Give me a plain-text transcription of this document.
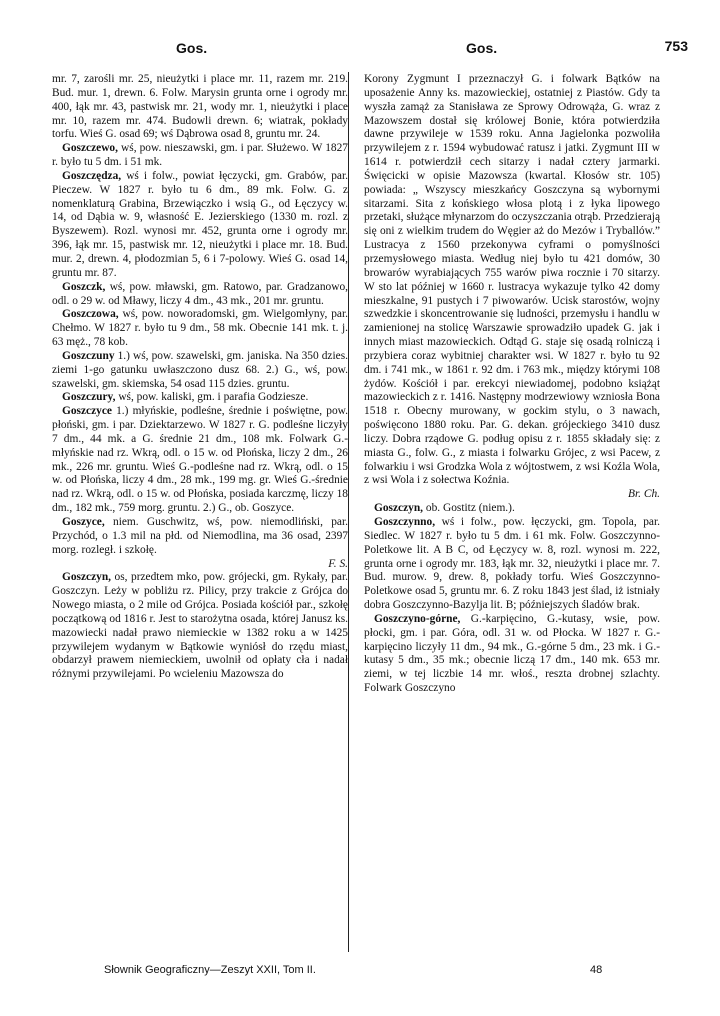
Gos.	Gos.	753

mr. 7, zarośli mr. 25, nieużytki i place mr. 11, razem mr. 219. Bud. mur. 1, drewn. 6. Folw. Marysin grunta orne i ogrody mr. 400, łąk mr. 43, pastwisk mr. 21, wody mr. 1, nieużytki i place mr. 10, razem mr. 474. Budowli drewn. 6; wiatrak, pokłady torfu. Wieś G. osad 69; wś Dąbrowa osad 8, gruntu mr. 24.

Goszczewo, wś, pow. nieszawski, gm. i par. Służewo. W 1827 r. było tu 5 dm. i 51 mk.

Goszczędza, wś i folw., powiat łęczycki, gm. Grabów, par. Pieczew. W 1827 r. było tu 6 dm., 89 mk. Folw. G. z nomenklaturą Grabina, Brzewiączko i wsią G., od Łęczycy w. 14, od Dąbia w. 9, własność E. Jezierskiego (1330 m. rozl. z Byszewem). Rozl. wynosi mr. 452, grunta orne i ogrody mr. 396, łąk mr. 15, pastwisk mr. 12, nieużytki i place mr. 18. Bud. mur. 2, drewn. 4, płodozmian 5, 6 i 7-polowy. Wieś G. osad 14, gruntu mr. 87.

Goszczk, wś, pow. mławski, gm. Ratowo, par. Gradzanowo, odl. o 29 w. od Mławy, liczy 4 dm., 43 mk., 201 mr. gruntu.

Goszczowa, wś, pow. noworadomski, gm. Wielgomłyny, par. Chełmo. W 1827 r. było tu 9 dm., 58 mk. Obecnie 141 mk. t. j. 63 męż., 78 kob.

Goszczuny 1.) wś, pow. szawelski, gm. janiska. Na 350 dzies. ziemi 1-go gatunku uwłaszczono dusz 68. 2.) G., wś, pow. szawelski, gm. skiemska, 54 osad 115 dzies. gruntu.

Goszczury, wś, pow. kaliski, gm. i parafia Godziesze.

Goszczyce 1.) młyńskie, podleśne, średnie i poświętne, pow. płoński, gm. i par. Dziektarzewo. W 1827 r. G. podleśne liczyły 7 dm., 44 mk. a G. średnie 21 dm., 108 mk. Folwark G.-młyńskie nad rz. Wkrą, odl. o 15 w. od Płońska, liczy 2 dm., 26 mk., 226 mr. gruntu. Wieś G.-podleśne nad rz. Wkrą, odl. o 15 w. od Płońska, liczy 4 dm., 28 mk., 199 mg. gr. Wieś G.-średnie nad rz. Wkrą, odl. o 15 w. od Płońska, posiada karczmę, liczy 18 dm., 182 mk., 759 morg. gruntu. 2.) G., ob. Goszyce.

Goszyce, niem. Guschwitz, wś, pow. niemodliński, par. Przychód, o 1.3 mil na płd. od Niemodlina, ma 36 osad, 2397 morg. rozległ. i szkołę.

F. S.

Goszczyn, os, przedtem mko, pow. grójecki, gm. Rykały, par. Goszczyn. Leży w pobliżu rz. Pilicy, przy trakcie z Grójca do Nowego miasta, o 2 mile od Grójca. Posiada kościół par., szkołę początkową od 1816 r. Jest to starożytna osada, której Janusz ks. mazowiecki nadał prawo niemieckie w 1382 roku a w 1425 przywilejem wydanym w Bątkowie wyniósł do rzędu miast, obdarzył prawem niemieckiem, uwolnił od opłaty cła i nadał różnymi przywilejami. Po wcieleniu Mazowsza do

Korony Zygmunt I przeznaczył G. i folwark Bątków na uposażenie Anny ks. mazowieckiej, ostatniej z Piastów. Gdy ta wyszła zamąż za Stanisława ze Sprowy Odrowąża, G. wraz z Mazowszem dostał się królowej Bonie, która potwierdziła dawne przywileje w 1539 roku. Anna Jagielonka pozwoliła przywilejem z r. 1594 wybudować ratusz i jatki. Zygmunt III w 1614 r. potwierdził cech sitarzy i nadał cztery jarmarki. Święcicki w opisie Mazowsza (kwartal. Kłosów str. 105) powiada: „ Wszyscy mieszkańcy Goszczyna są wybornymi sitarzami. Sita z końskiego włosa plotą i z łyka lipowego przetaki, służące młynarzom do oczyszczania otrąb. Przedzierają się oni z wielkim trudem do Węgier aż do Mezów i Tryballów.” Lustracya z 1560 przekonywa cyframi o pomyślności przemysłowego miasta. Według niej było tu 421 domów, 30 browarów wyrabiających 755 warów piwa rocznie i 70 sitarzy. W sto lat później w 1660 r. lustracya wykazuje tylko 42 domy mieszkalne, 91 pustych i 7 piwowarów. Ucisk starostów, wojny szwedzkie i skoncentrowanie się ludności, przemysłu i handlu w zamienionej na stolicę Warszawie sprowadziło upadek G. jak i innych miast mazowieckich. Odtąd G. staje się osadą rolniczą i przybiera coraz wybitniej charakter wsi. W 1827 r. było tu 92 dm. i 741 mk., w 1861 r. 92 dm. i 763 mk., między którymi 108 żydów. Kościół i par. erekcyi niewiadomej, podobno książąt mazowieckich z r. 1416. Następny modrzewiowy wzniosła Bona 1518 r. Obecny murowany, w gockim stylu, o 3 nawach, poświęcono 1880 roku. Par. G. dekan. grójeckiego 3410 dusz liczy. Dobra rządowe G. podług opisu z r. 1855 składały się: z miasta G., folw. G., z miasta i folwarku Grójec, z wsi Pacew, z folwarkiu i wsi Grodzka Wola z wójtostwem, z wsi Koźla Wola, z wsi Wola i z sołectwa Koźnia.

Br. Ch.

Goszczyn, ob. Gostitz (niem.).

Goszczynno, wś i folw., pow. łęczycki, gm. Topola, par. Siedlec. W 1827 r. było tu 5 dm. i 61 mk. Folw. Goszczynno-Poletkowe lit. A B C, od Łęczycy w. 8, rozl. wynosi m. 222, grunta orne i ogrody mr. 183, łąk mr. 32, nieużytki i place mr. 7. Bud. murow. 9, drew. 8, pokłady torfu. Wieś Goszczynno-Poletkowe osad 5, gruntu mr. 6. Z roku 1843 jest ślad, iż istniały dobra Goszczynno-Bazylja lit. B; późniejszych śladów brak.

Goszczyno-górne, G.-karpięcino, G.-kutasy, wsie, pow. płocki, gm. i par. Góra, odl. 31 w. od Płocka. W 1827 r. G.-karpięcino liczyły 11 dm., 94 mk., G.-górne 5 dm., 23 mk. i G.-kutasy 5 dm., 35 mk.; obecnie liczą 17 dm., 140 mk. 653 mr. ziemi, w tej liczbie 14 mr. włoś., reszta drobnej szlachty. Folwark Goszczyno

Słownik Geograficzny—Zeszyt XXII, Tom II.	48
